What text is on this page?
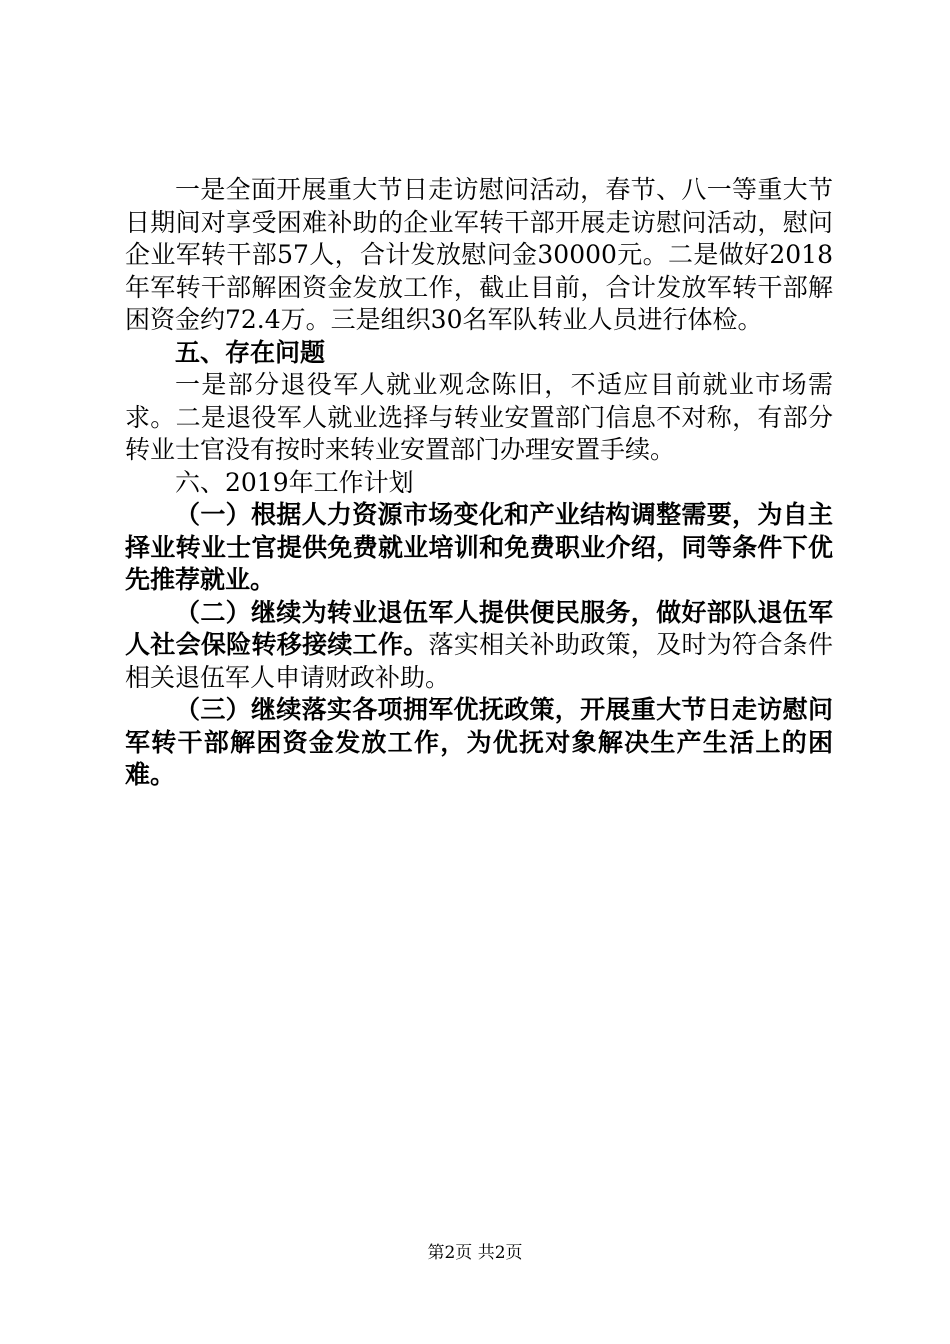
一是全面开展重大节日走访慰问活动，春节、八一等重大节日期间对享受困难补助的企业军转干部开展走访慰问活动，慰问企业军转干部57人，合计发放慰问金30000元。二是做好2018年军转干部解困资金发放工作，截止目前，合计发放军转干部解困资金约72.4万。三是组织30名军队转业人员进行体检。

五、存在问题

一是部分退役军人就业观念陈旧，不适应目前就业市场需求。二是退役军人就业选择与转业安置部门信息不对称，有部分转业士官没有按时来转业安置部门办理安置手续。

六、2019年工作计划

（一）根据人力资源市场变化和产业结构调整需要，为自主择业转业士官提供免费就业培训和免费职业介绍，同等条件下优先推荐就业。

（二）继续为转业退伍军人提供便民服务，做好部队退伍军人社会保险转移接续工作。落实相关补助政策，及时为符合条件相关退伍军人申请财政补助。

（三）继续落实各项拥军优抚政策，开展重大节日走访慰问军转干部解困资金发放工作，为优抚对象解决生产生活上的困难。

第2页 共2页
